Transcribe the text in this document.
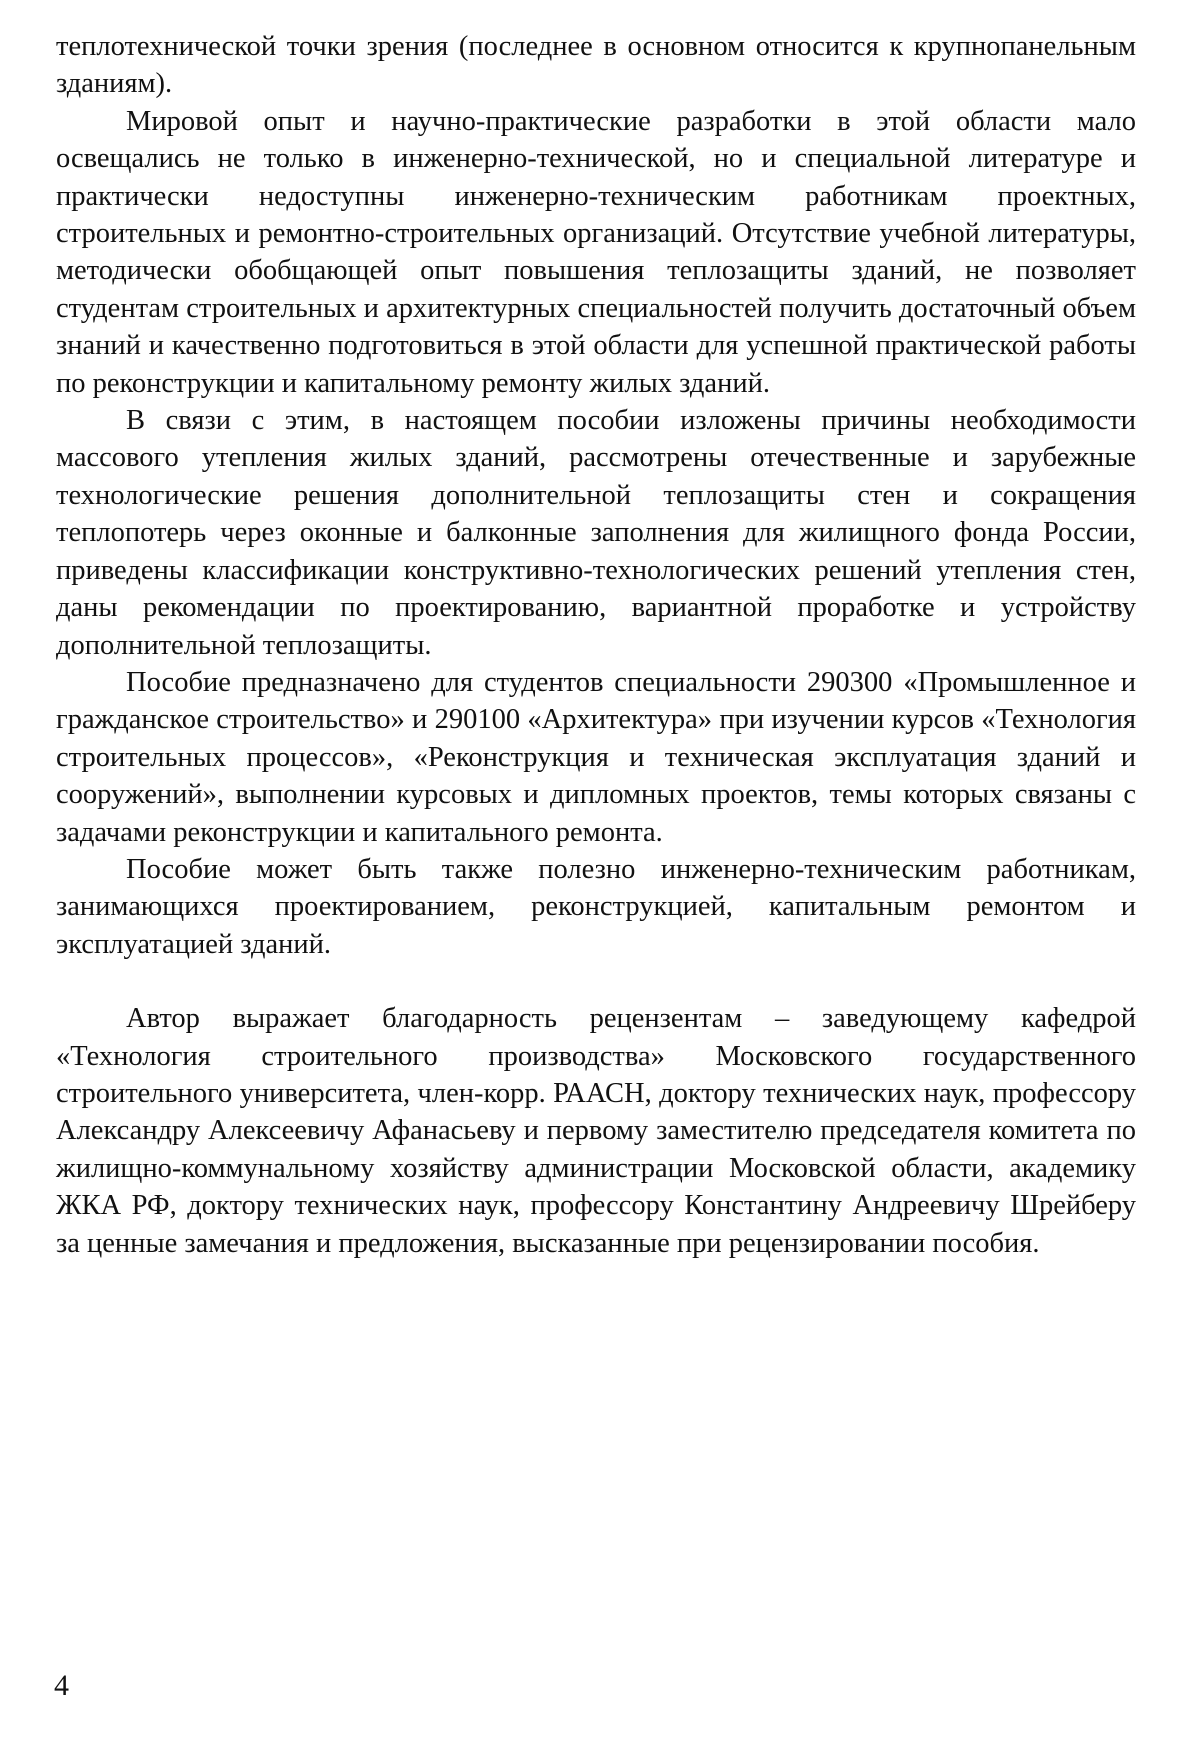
теплотехнической точки зрения (последнее в основном относится к крупнопанельным зданиям).

Мировой опыт и научно-практические разработки в этой области мало освещались не только в инженерно-технической, но и специальной литературе и практически недоступны инженерно-техническим работникам проектных, строительных и ремонтно-строительных организаций. Отсутствие учебной литературы, методически обобщающей опыт повышения теплозащиты зданий, не позволяет студентам строительных и архитектурных специальностей получить достаточный объем знаний и качественно подготовиться в этой области для успешной практической работы по реконструкции и капитальному ремонту жилых зданий.

В связи с этим, в настоящем пособии изложены причины необходимости массового утепления жилых зданий, рассмотрены отечественные и зарубежные технологические решения дополнительной теплозащиты стен и сокращения теплопотерь через оконные и балконные заполнения для жилищного фонда России, приведены классификации конструктивно-технологических решений утепления стен, даны рекомендации по проектированию, вариантной проработке и устройству дополнительной теплозащиты.

Пособие предназначено для студентов специальности 290300 «Промышленное и гражданское строительство» и 290100 «Архитектура» при изучении курсов «Технология строительных процессов», «Реконструкция и техническая эксплуатация зданий и сооружений», выполнении курсовых и дипломных проектов, темы которых связаны с задачами реконструкции и капитального ремонта.

Пособие может быть также полезно инженерно-техническим работникам, занимающихся проектированием, реконструкцией, капитальным ремонтом и эксплуатацией зданий.

Автор выражает благодарность рецензентам – заведующему кафедрой «Технология строительного производства» Московского государственного строительного университета, член-корр. РААСН, доктору технических наук, профессору Александру Алексеевичу Афанасьеву и первому заместителю председателя комитета по жилищно-коммунальному хозяйству администрации Московской области, академику ЖКА РФ, доктору технических наук, профессору Константину Андреевичу Шрейберу за ценные замечания и предложения, высказанные при рецензировании пособия.

4
